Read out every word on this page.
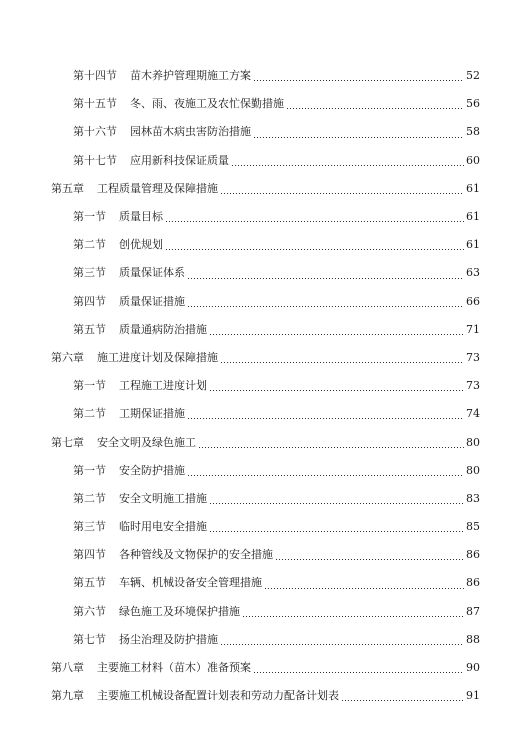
第十四节	苗木养护管理期施工方案	52
第十五节	冬、雨、夜施工及农忙保勤措施	56
第十六节	园林苗木病虫害防治措施	58
第十七节	应用新科技保证质量	60
第五章	工程质量管理及保障措施	61
第一节	质量目标	61
第二节	创优规划	61
第三节	质量保证体系	63
第四节	质量保证措施	66
第五节	质量通病防治措施	71
第六章	施工进度计划及保障措施	73
第一节	工程施工进度计划	73
第二节	工期保证措施	74
第七章	安全文明及绿色施工	80
第一节	安全防护措施	80
第二节	安全文明施工措施	83
第三节	临时用电安全措施	85
第四节	各种管线及文物保护的安全措施	86
第五节	车辆、机械设备安全管理措施	86
第六节	绿色施工及环境保护措施	87
第七节	扬尘治理及防护措施	88
第八章	主要施工材料（苗木）准备预案	90
第九章	主要施工机械设备配置计划表和劳动力配备计划表	91
